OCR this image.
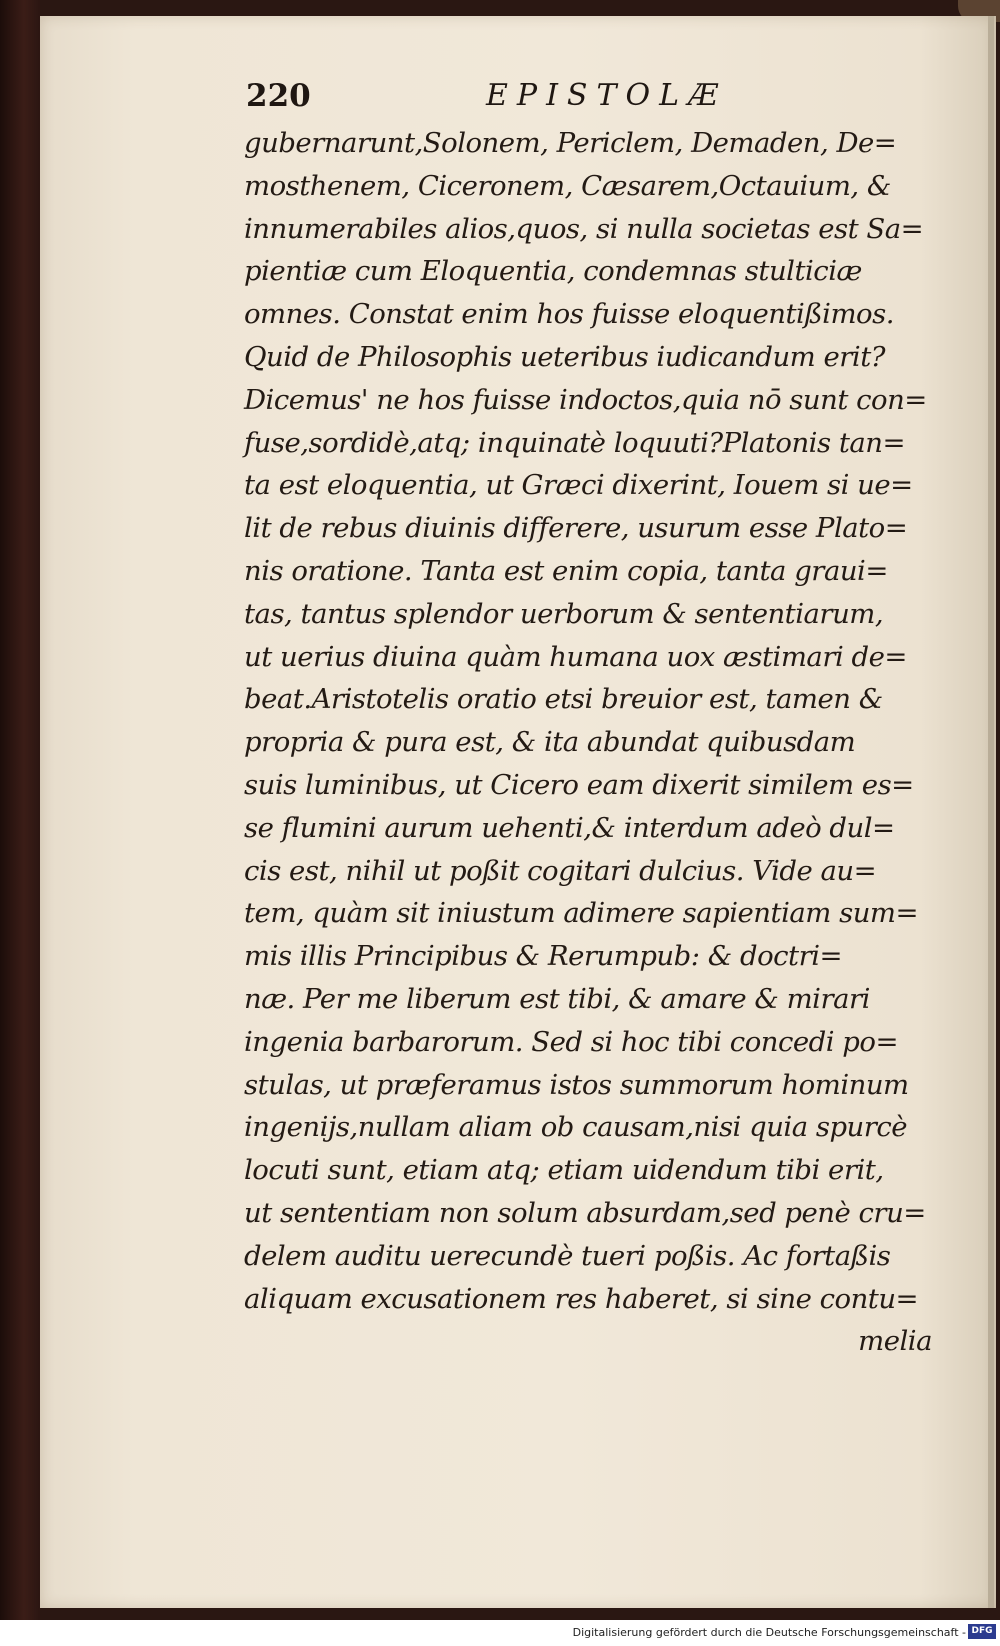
220	EPISTOLÆ
gubernarunt,Solonem, Periclem, Demaden, De=
mosthenem, Ciceronem, Cæsarem,Octauium, &
innumerabiles alios,quos, si nulla societas est Sa=
pientiæ cum Eloquentia, condemnas stulticiæ
omnes. Constat enim hos fuisse eloquentißimos.
Quid de Philosophis ueteribus iudicandum erit?
Dicemus' ne hos fuisse indoctos,quia nō sunt con=
fuse,sordidè,atq; inquinatè loquuti?Platonis tan=
ta est eloquentia, ut Græci dixerint, Iouem si ue=
lit de rebus diuinis differere, usurum esse Plato=
nis oratione. Tanta est enim copia, tanta graui=
tas, tantus splendor uerborum & sententiarum,
ut uerius diuina quàm humana uox æstimari de=
beat.Aristotelis oratio etsi breuior est, tamen &
propria & pura est, & ita abundat quibusdam
suis luminibus, ut Cicero eam dixerit similem es=
se flumini aurum uehenti,& interdum adeò dul=
cis est, nihil ut poßit cogitari dulcius. Vide au=
tem, quàm sit iniustum adimere sapientiam sum=
mis illis Principibus & Rerumpub: & doctri=
næ. Per me liberum est tibi, & amare & mirari
ingenia barbarorum. Sed si hoc tibi concedi po=
stulas, ut præferamus istos summorum hominum
ingenijs,nullam aliam ob causam,nisi quia spurcè
locuti sunt, etiam atq; etiam uidendum tibi erit,
ut sententiam non solum absurdam,sed penè cru=
delem auditu uerecundè tueri poßis. Ac fortaßis
aliquam excusationem res haberet, si sine contu=
melia
Digitalisierung gefördert durch die Deutsche Forschungsgemeinschaft - DFG
